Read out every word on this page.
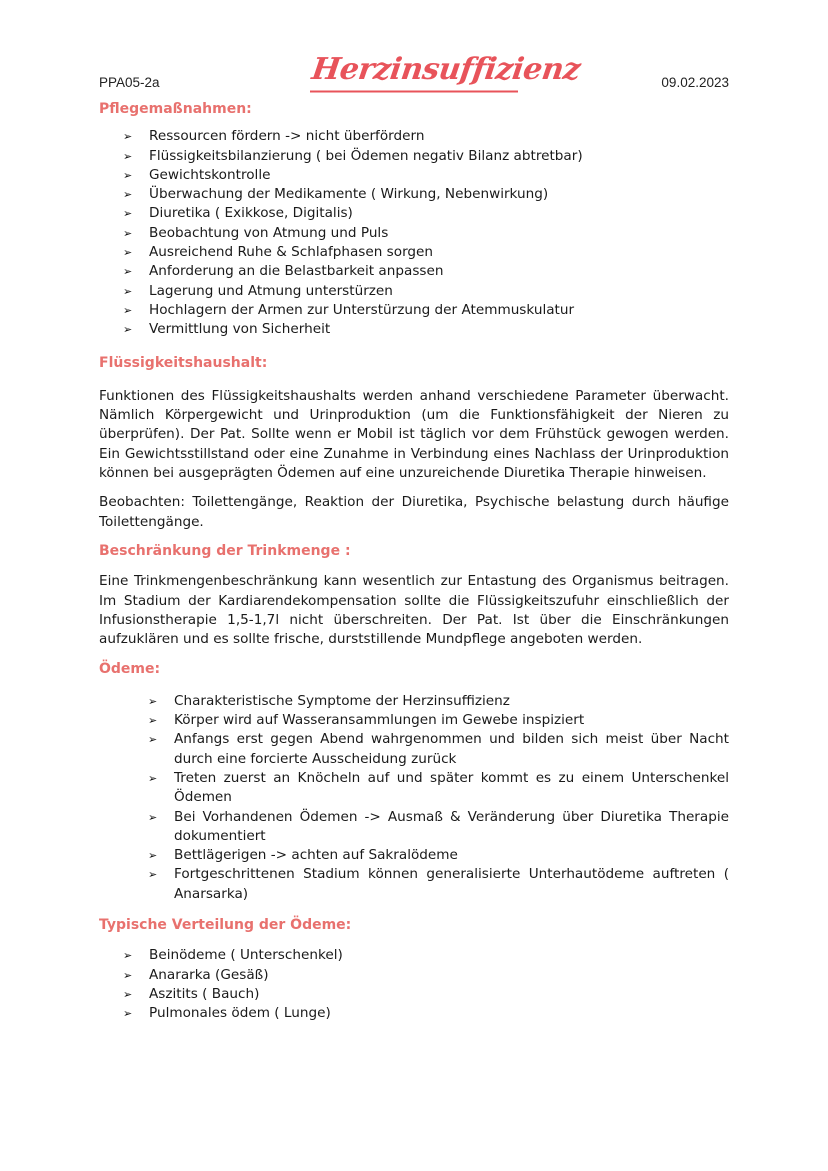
PPA05-2a	Herzinsuffizienz	09.02.2023
Pflegemaßnahmen:
➢ Ressourcen fördern -> nicht überfördern
➢ Flüssigkeitsbilanzierung ( bei Ödemen negativ Bilanz abtretbar)
➢ Gewichtskontrolle
➢ Überwachung der Medikamente ( Wirkung, Nebenwirkung)
➢ Diuretika ( Exikkose, Digitalis)
➢ Beobachtung von Atmung und Puls
➢ Ausreichend Ruhe & Schlafphasen sorgen
➢ Anforderung an die Belastbarkeit anpassen
➢ Lagerung und Atmung unterstürzen
➢ Hochlagern der Armen zur Unterstürzung der Atemmuskulatur
➢ Vermittlung von Sicherheit
Flüssigkeitshaushalt:

Funktionen des Flüssigkeitshaushalts werden anhand verschiedene Parameter überwacht. Nämlich Körpergewicht und Urinproduktion (um die Funktionsfähigkeit der Nieren zu überprüfen). Der Pat. Sollte wenn er Mobil ist täglich vor dem Frühstück gewogen werden. Ein Gewichtsstillstand oder eine Zunahme in Verbindung eines Nachlass der Urinproduktion können bei ausgeprägten Ödemen auf eine unzureichende Diuretika Therapie hinweisen.

Beobachten: Toilettengänge, Reaktion der Diuretika, Psychische belastung durch häufige Toilettengänge.

Beschränkung der Trinkmenge :

Eine Trinkmengenbeschränkung kann wesentlich zur Entastung des Organismus beitragen. Im Stadium der Kardiarendekompensation sollte die Flüssigkeitszufuhr einschließlich der Infusionstherapie 1,5-1,7l nicht überschreiten. Der Pat. Ist über die Einschränkungen aufzuklären und es sollte frische, durststillende Mundpflege angeboten werden.

Ödeme:
➢ Charakteristische Symptome der Herzinsuffizienz
➢ Körper wird auf Wasseransammlungen im Gewebe inspiziert
➢ Anfangs erst gegen Abend wahrgenommen und bilden sich meist über Nacht durch eine forcierte Ausscheidung zurück
➢ Treten zuerst an Knöcheln auf und später kommt es zu einem Unterschenkel Ödemen
➢ Bei Vorhandenen Ödemen -> Ausmaß & Veränderung über Diuretika Therapie dokumentiert
➢ Bettlägerigen -> achten auf Sakralödeme
➢ Fortgeschrittenen Stadium können generalisierte Unterhautödeme auftreten ( Anarsarka)
Typische Verteilung der Ödeme:
➢ Beinödeme ( Unterschenkel)
➢ Anararka (Gesäß)
➢ Aszitits ( Bauch)
➢ Pulmonales ödem ( Lunge)
